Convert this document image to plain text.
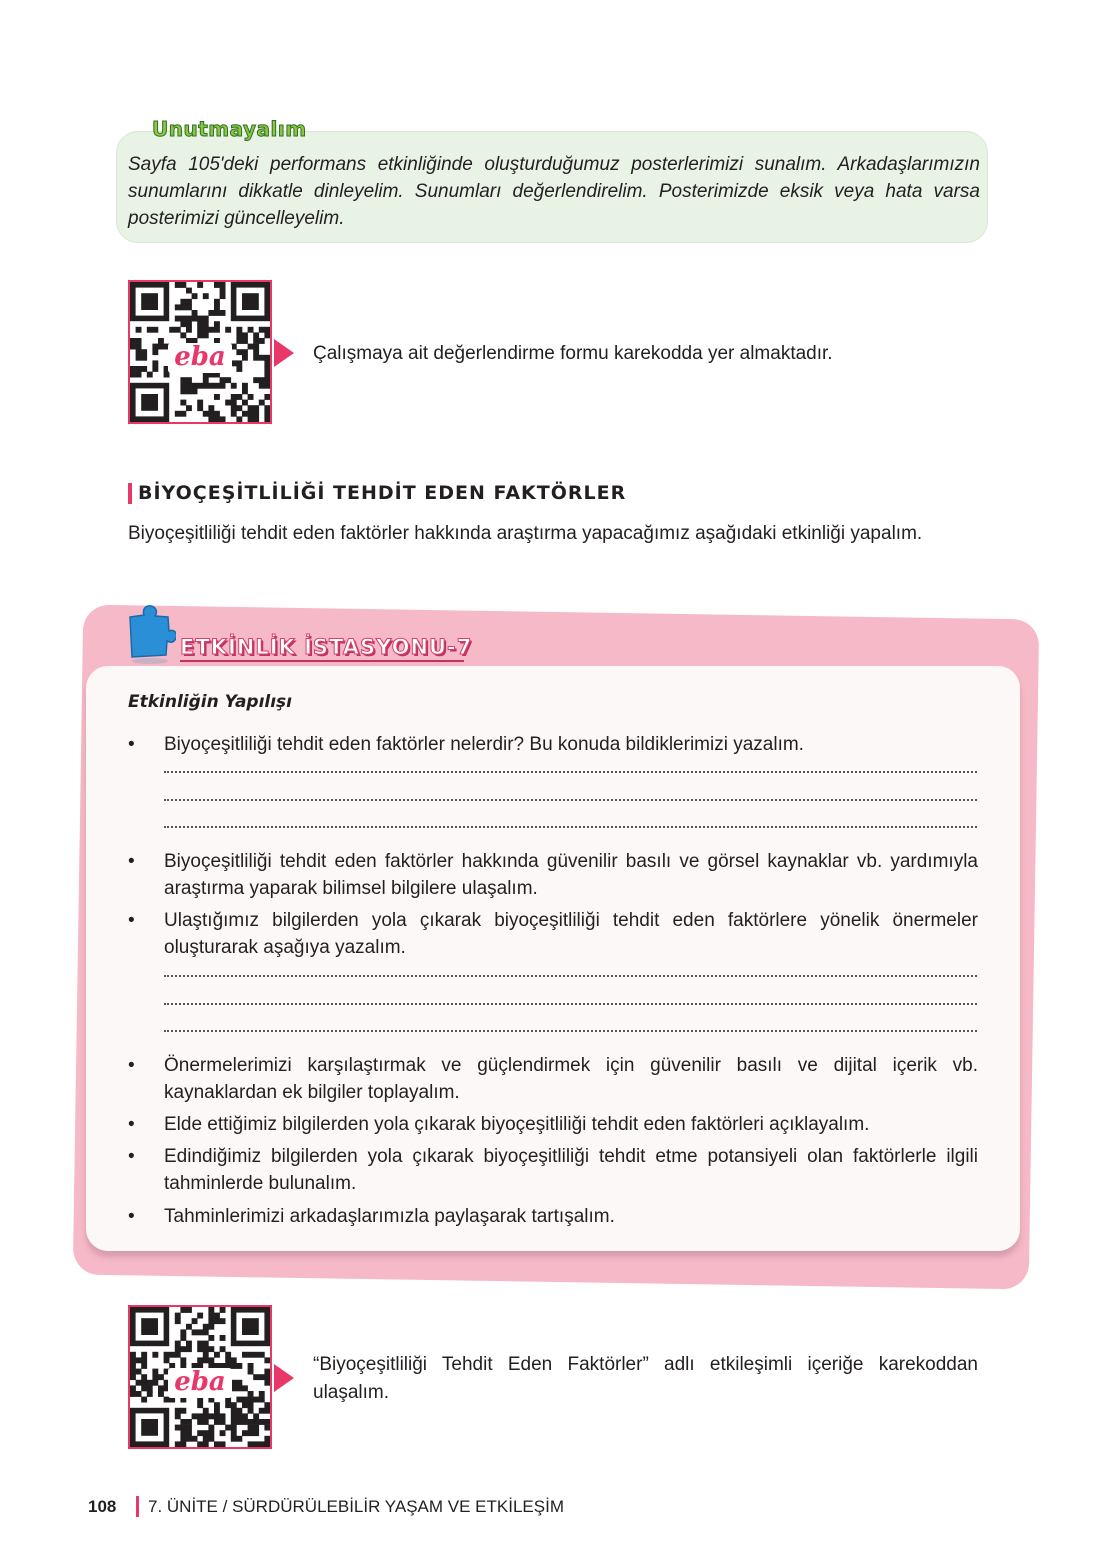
Unutmayalım
Sayfa 105'deki performans etkinliğinde oluşturduğumuz posterlerimizi sunalım. Arkadaşlarımızın sunumlarını dikkatle dinleyelim. Sunumları değerlendirelim. Posterimizde eksik veya hata varsa posterimizi güncelleyelim.
eba	Çalışmaya ait değerlendirme formu karekodda yer almaktadır.
BİYOÇEŞİTLİLİĞİ TEHDİT EDEN FAKTÖRLER
Biyoçeşitliliği tehdit eden faktörler hakkında araştırma yapacağımız aşağıdaki etkinliği yapalım.
ETKİNLİK İSTASYONU-7
Etkinliğin Yapılışı
•	Biyoçeşitliliği tehdit eden faktörler nelerdir? Bu konuda bildiklerimizi yazalım.
•	Biyoçeşitliliği tehdit eden faktörler hakkında güvenilir basılı ve görsel kaynaklar vb. yardımıyla araştırma yaparak bilimsel bilgilere ulaşalım.
•	Ulaştığımız bilgilerden yola çıkarak biyoçeşitliliği tehdit eden faktörlere yönelik önermeler oluşturarak aşağıya yazalım.
•	Önermelerimizi karşılaştırmak ve güçlendirmek için güvenilir basılı ve dijital içerik vb. kaynaklardan ek bilgiler toplayalım.
•	Elde ettiğimiz bilgilerden yola çıkarak biyoçeşitliliği tehdit eden faktörleri açıklayalım.
•	Edindiğimiz bilgilerden yola çıkarak biyoçeşitliliği tehdit etme potansiyeli olan faktörlerle ilgili tahminlerde bulunalım.
•	Tahminlerimizi arkadaşlarımızla paylaşarak tartışalım.
eba
“Biyoçeşitliliği Tehdit Eden Faktörler” adlı etkileşimli içeriğe karekoddan ulaşalım.
108 7. ÜNİTE / SÜRDÜRÜLEBİLİR YAŞAM VE ETKİLEŞİM
